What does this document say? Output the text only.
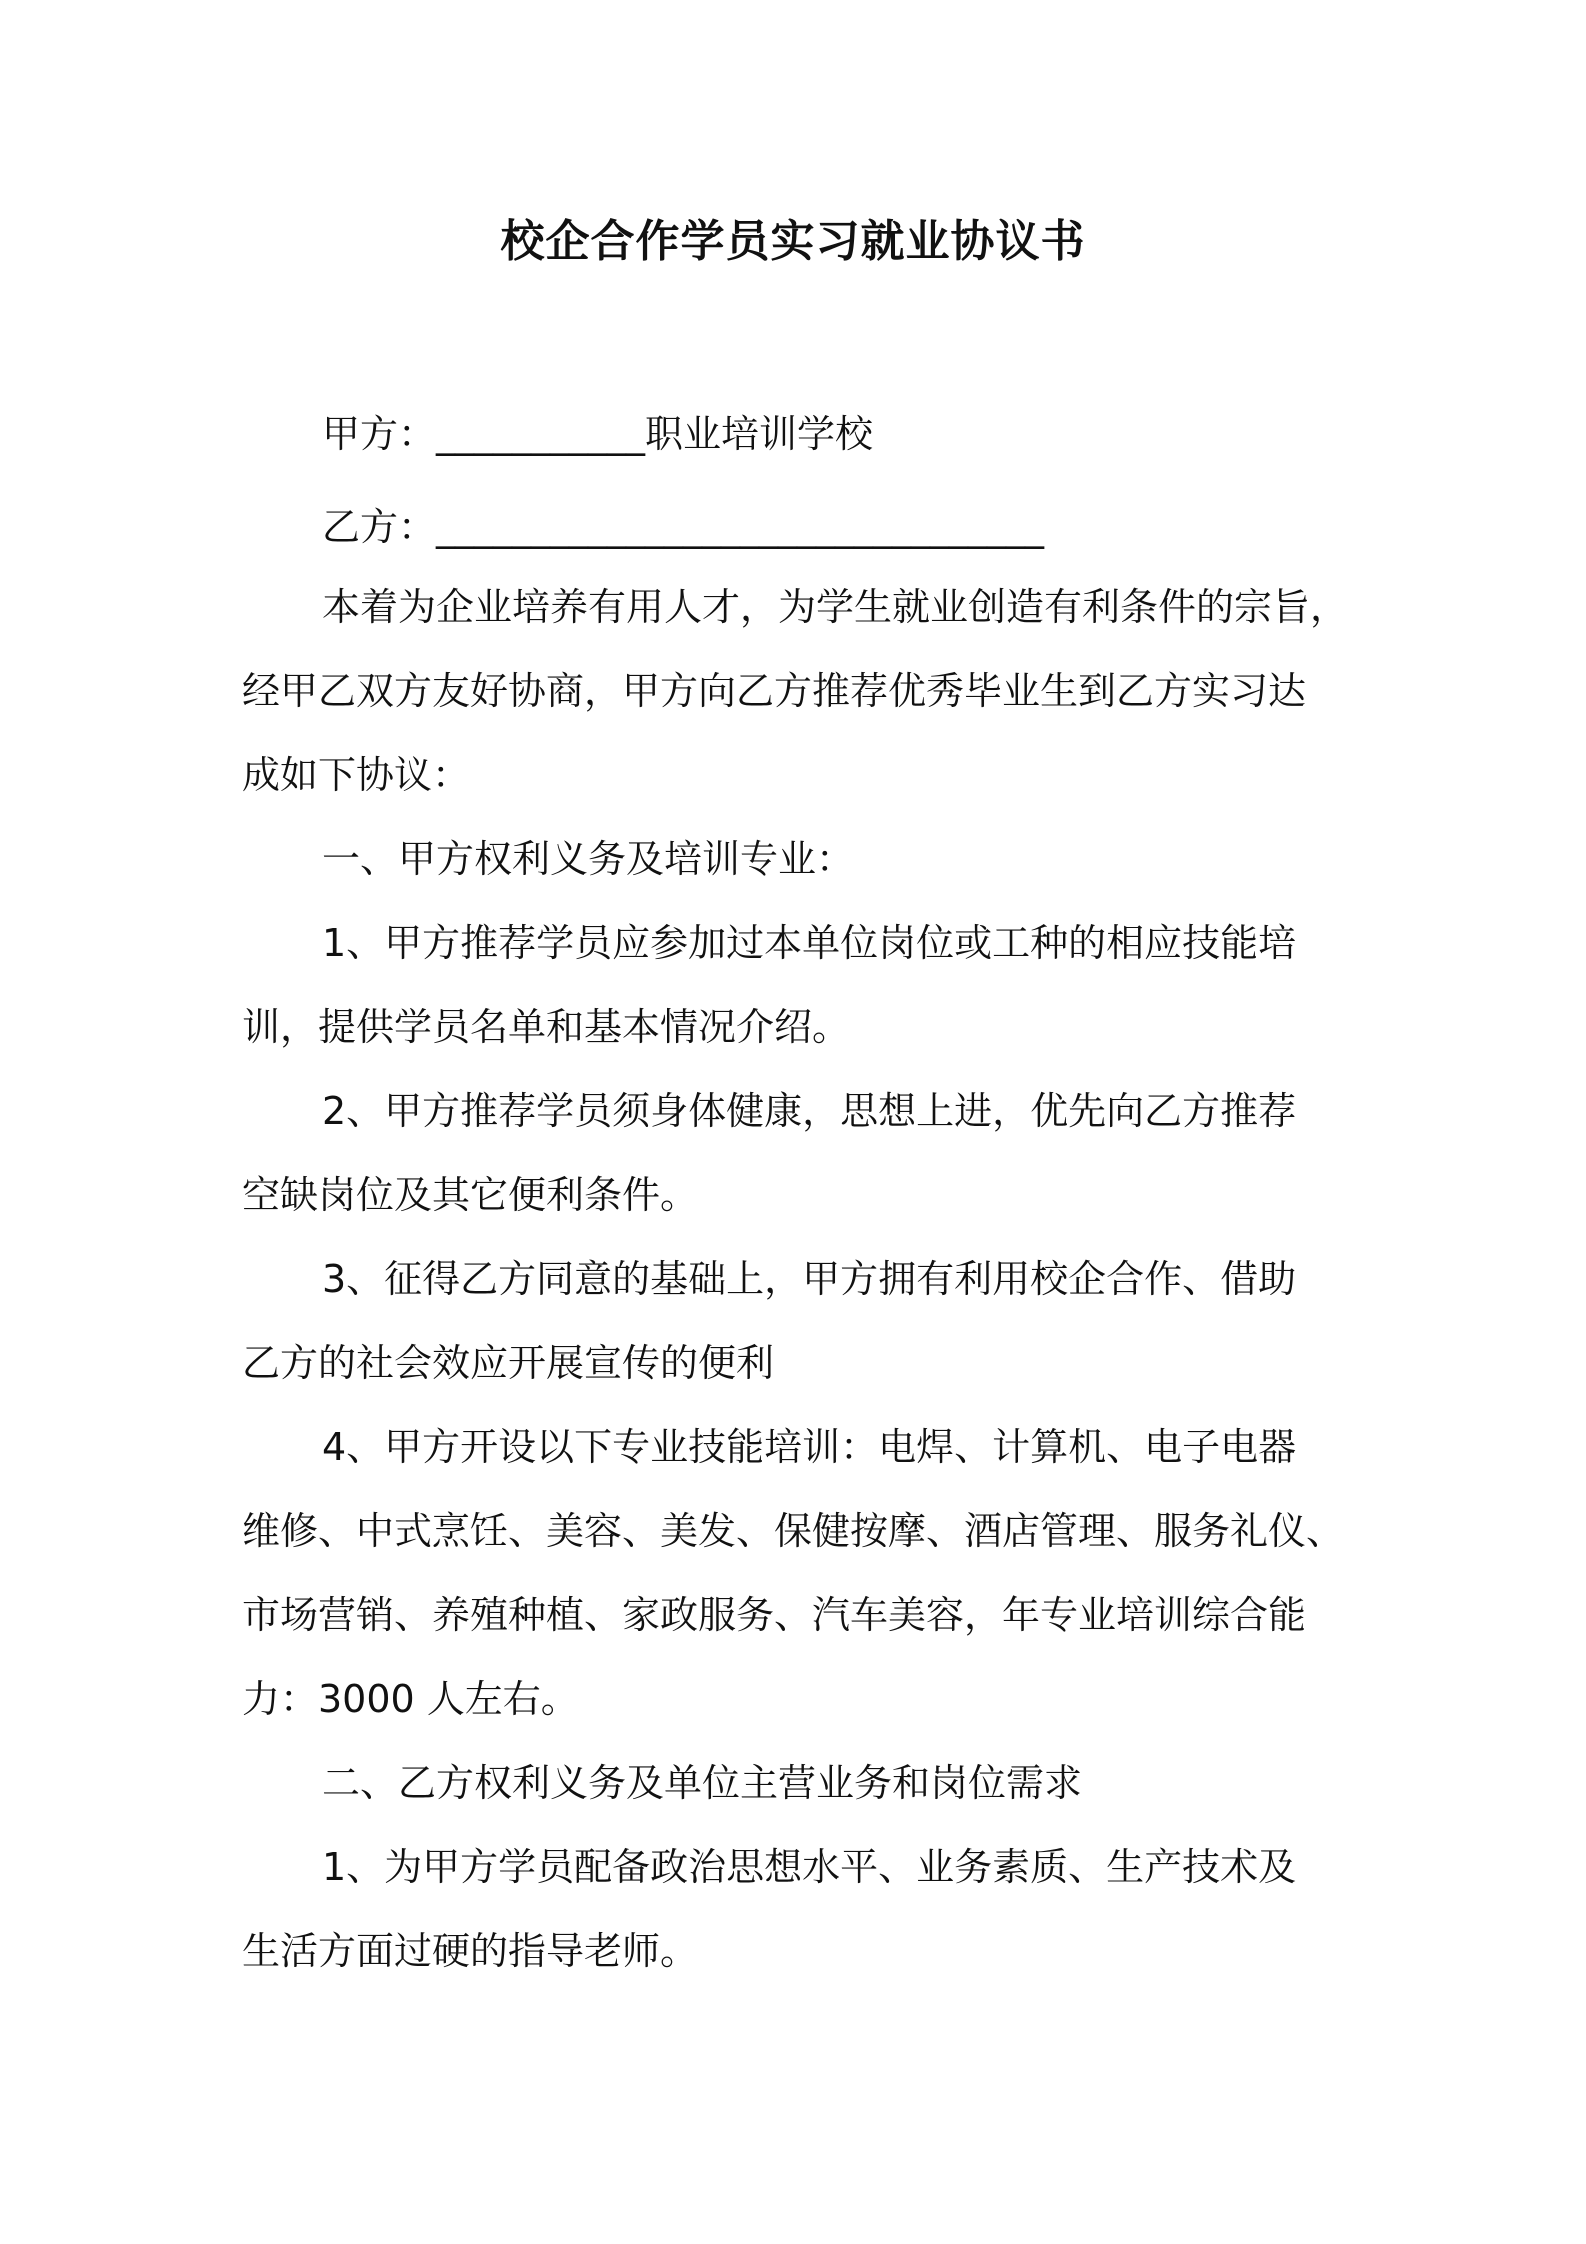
校企合作学员实习就业协议书
甲方：___________职业培训学校
乙方：________________________________
本着为企业培养有用人才，为学生就业创造有利条件的宗旨，
经甲乙双方友好协商，甲方向乙方推荐优秀毕业生到乙方实习达
成如下协议：
一、甲方权利义务及培训专业：
1、甲方推荐学员应参加过本单位岗位或工种的相应技能培
训，提供学员名单和基本情况介绍。
2、甲方推荐学员须身体健康，思想上进，优先向乙方推荐
空缺岗位及其它便利条件。
3、征得乙方同意的基础上，甲方拥有利用校企合作、借助
乙方的社会效应开展宣传的便利
4、甲方开设以下专业技能培训：电焊、计算机、电子电器
维修、中式烹饪、美容、美发、保健按摩、酒店管理、服务礼仪、
市场营销、养殖种植、家政服务、汽车美容，年专业培训综合能
力：3000 人左右。
二、乙方权利义务及单位主营业务和岗位需求
1、为甲方学员配备政治思想水平、业务素质、生产技术及
生活方面过硬的指导老师。
